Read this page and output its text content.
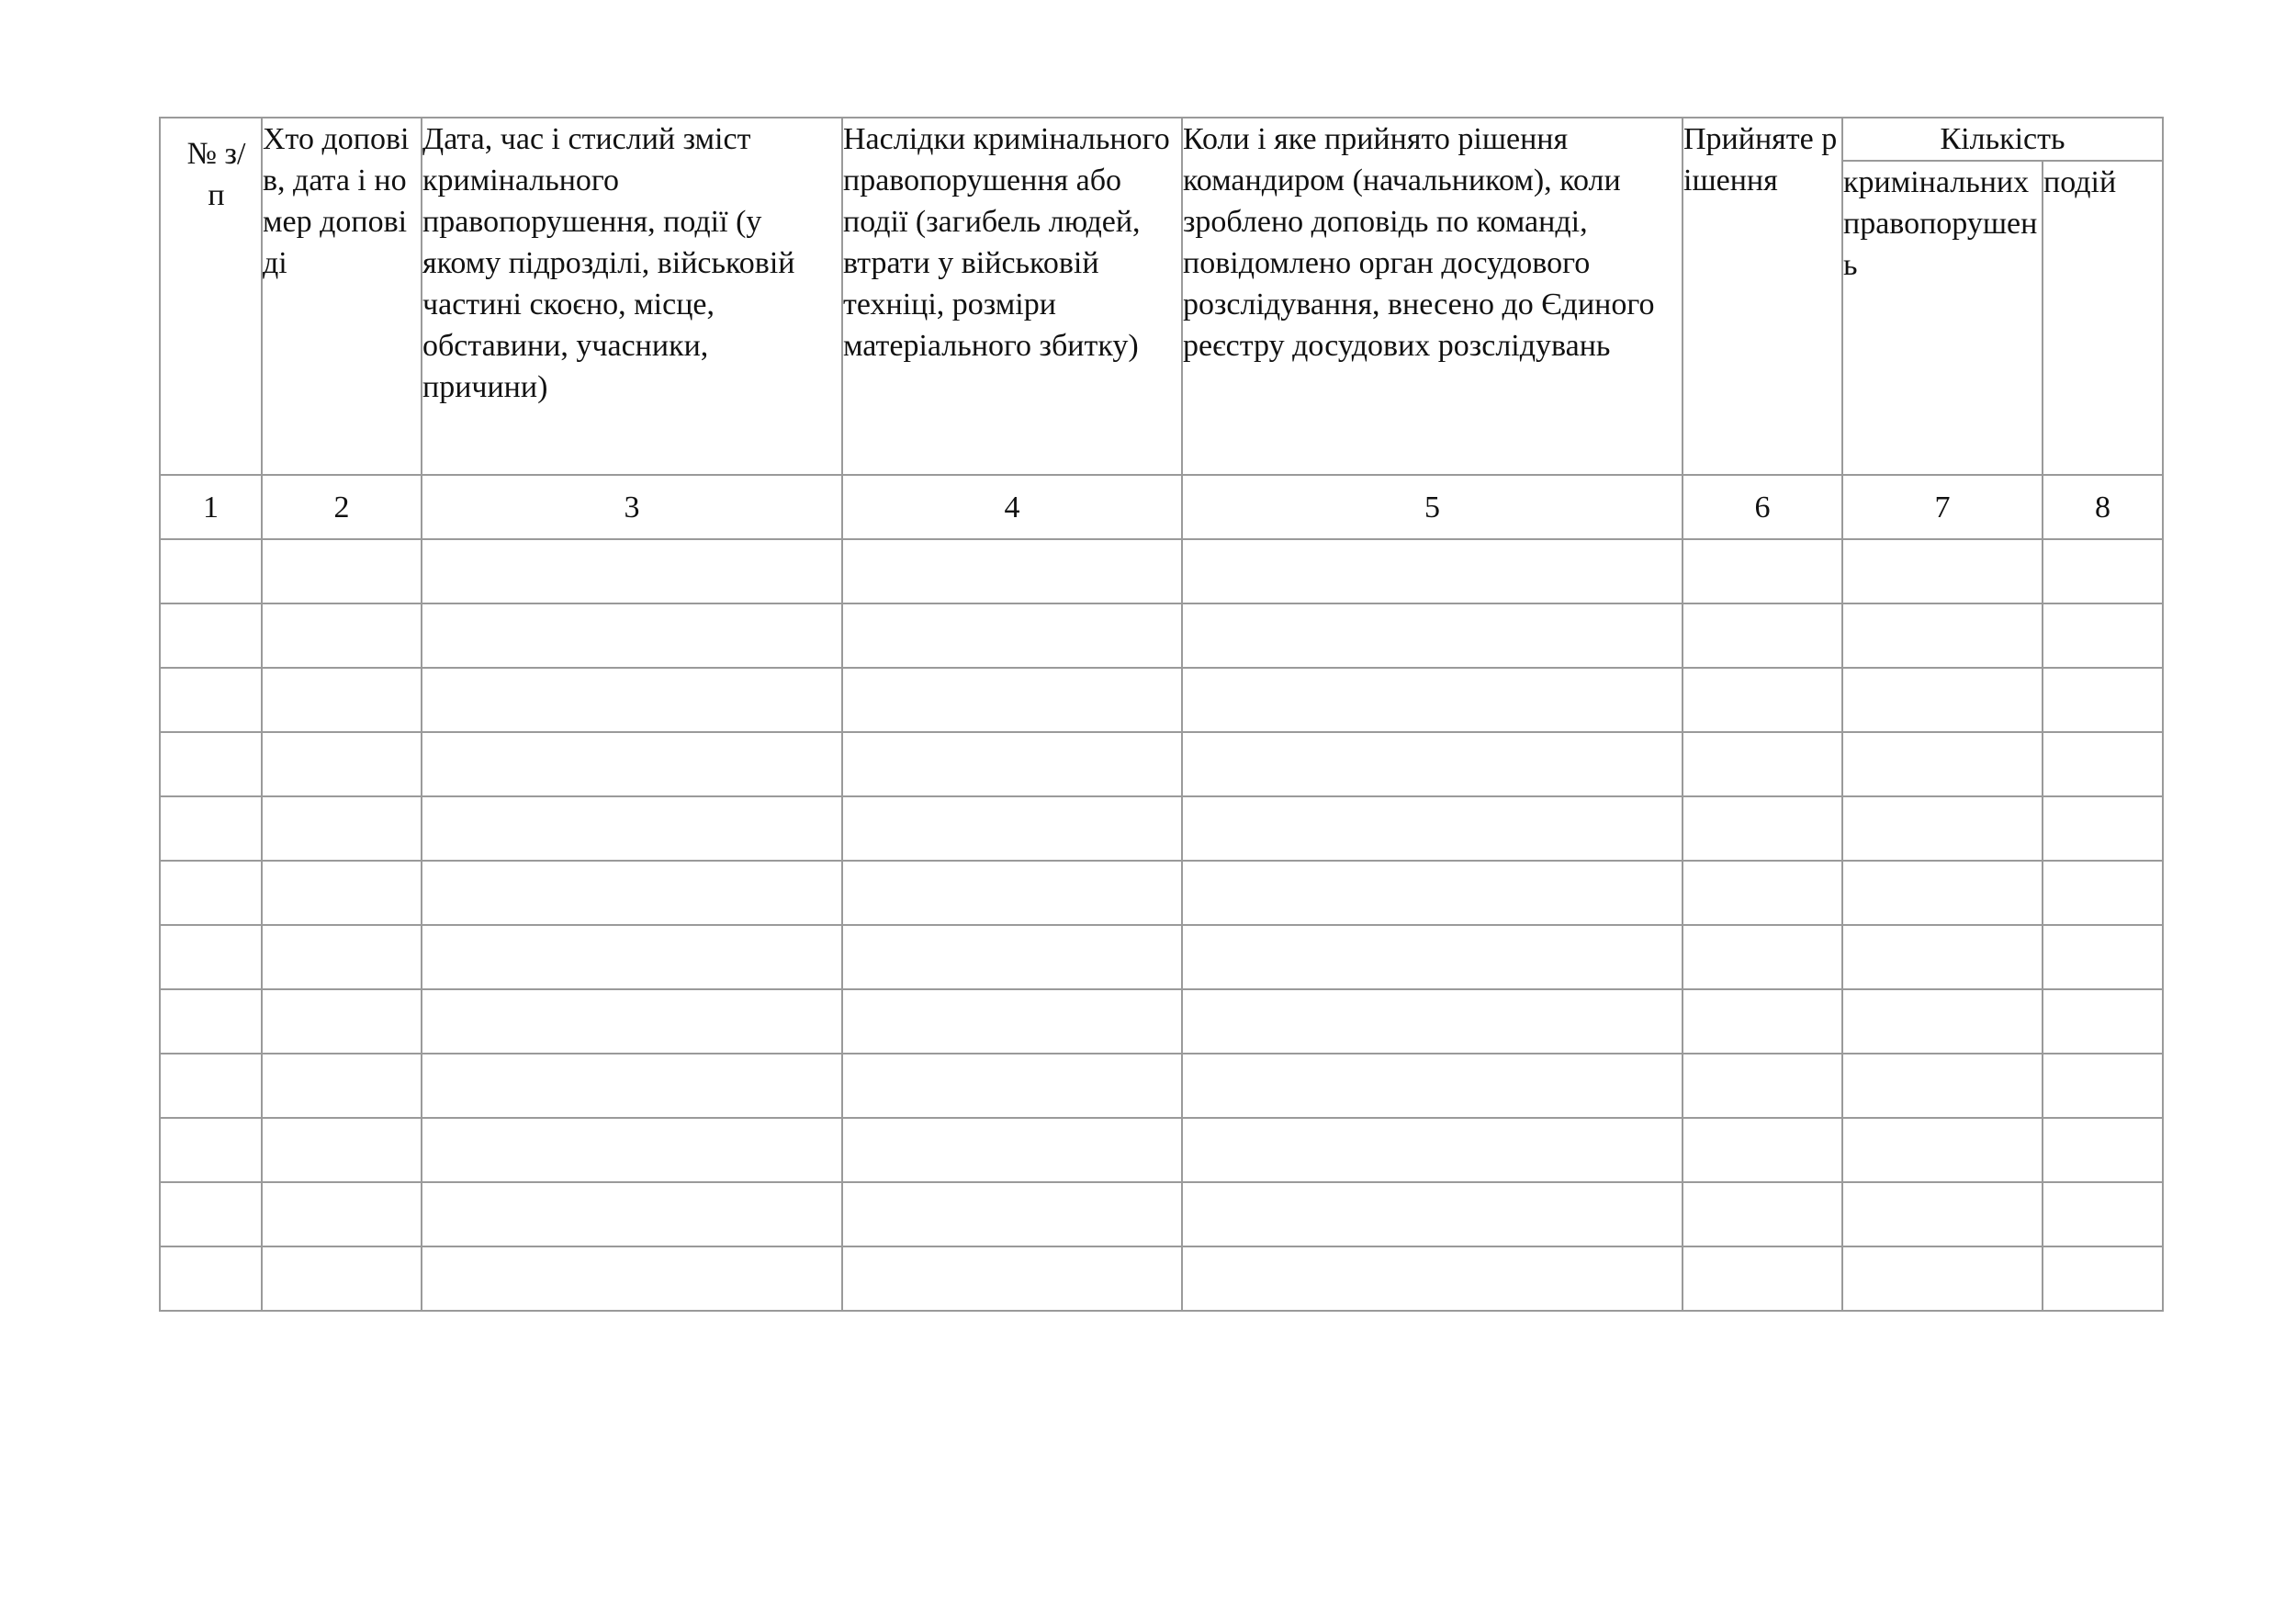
№ з/п	Хто доповів, дата і номер доповіді	Дата, час і стислий зміст кримінального правопорушення, події (у якому підрозділі, військовій частині скоєно, місце, обставини, учасники, причини)	Наслідки кримінального правопорушення або події (загибель людей, втрати у військовій техніці, розміри матеріального збитку)	Коли і яке прийнято рішення командиром (начальником), коли зроблено доповідь по команді, повідомлено орган досудового розслідування, внесено до Єдиного реєстру досудових розслідувань	Прийняте рішення	Кількість	
						кримінальних правопорушень	подій
1	2	3	4	5	6	7	8
